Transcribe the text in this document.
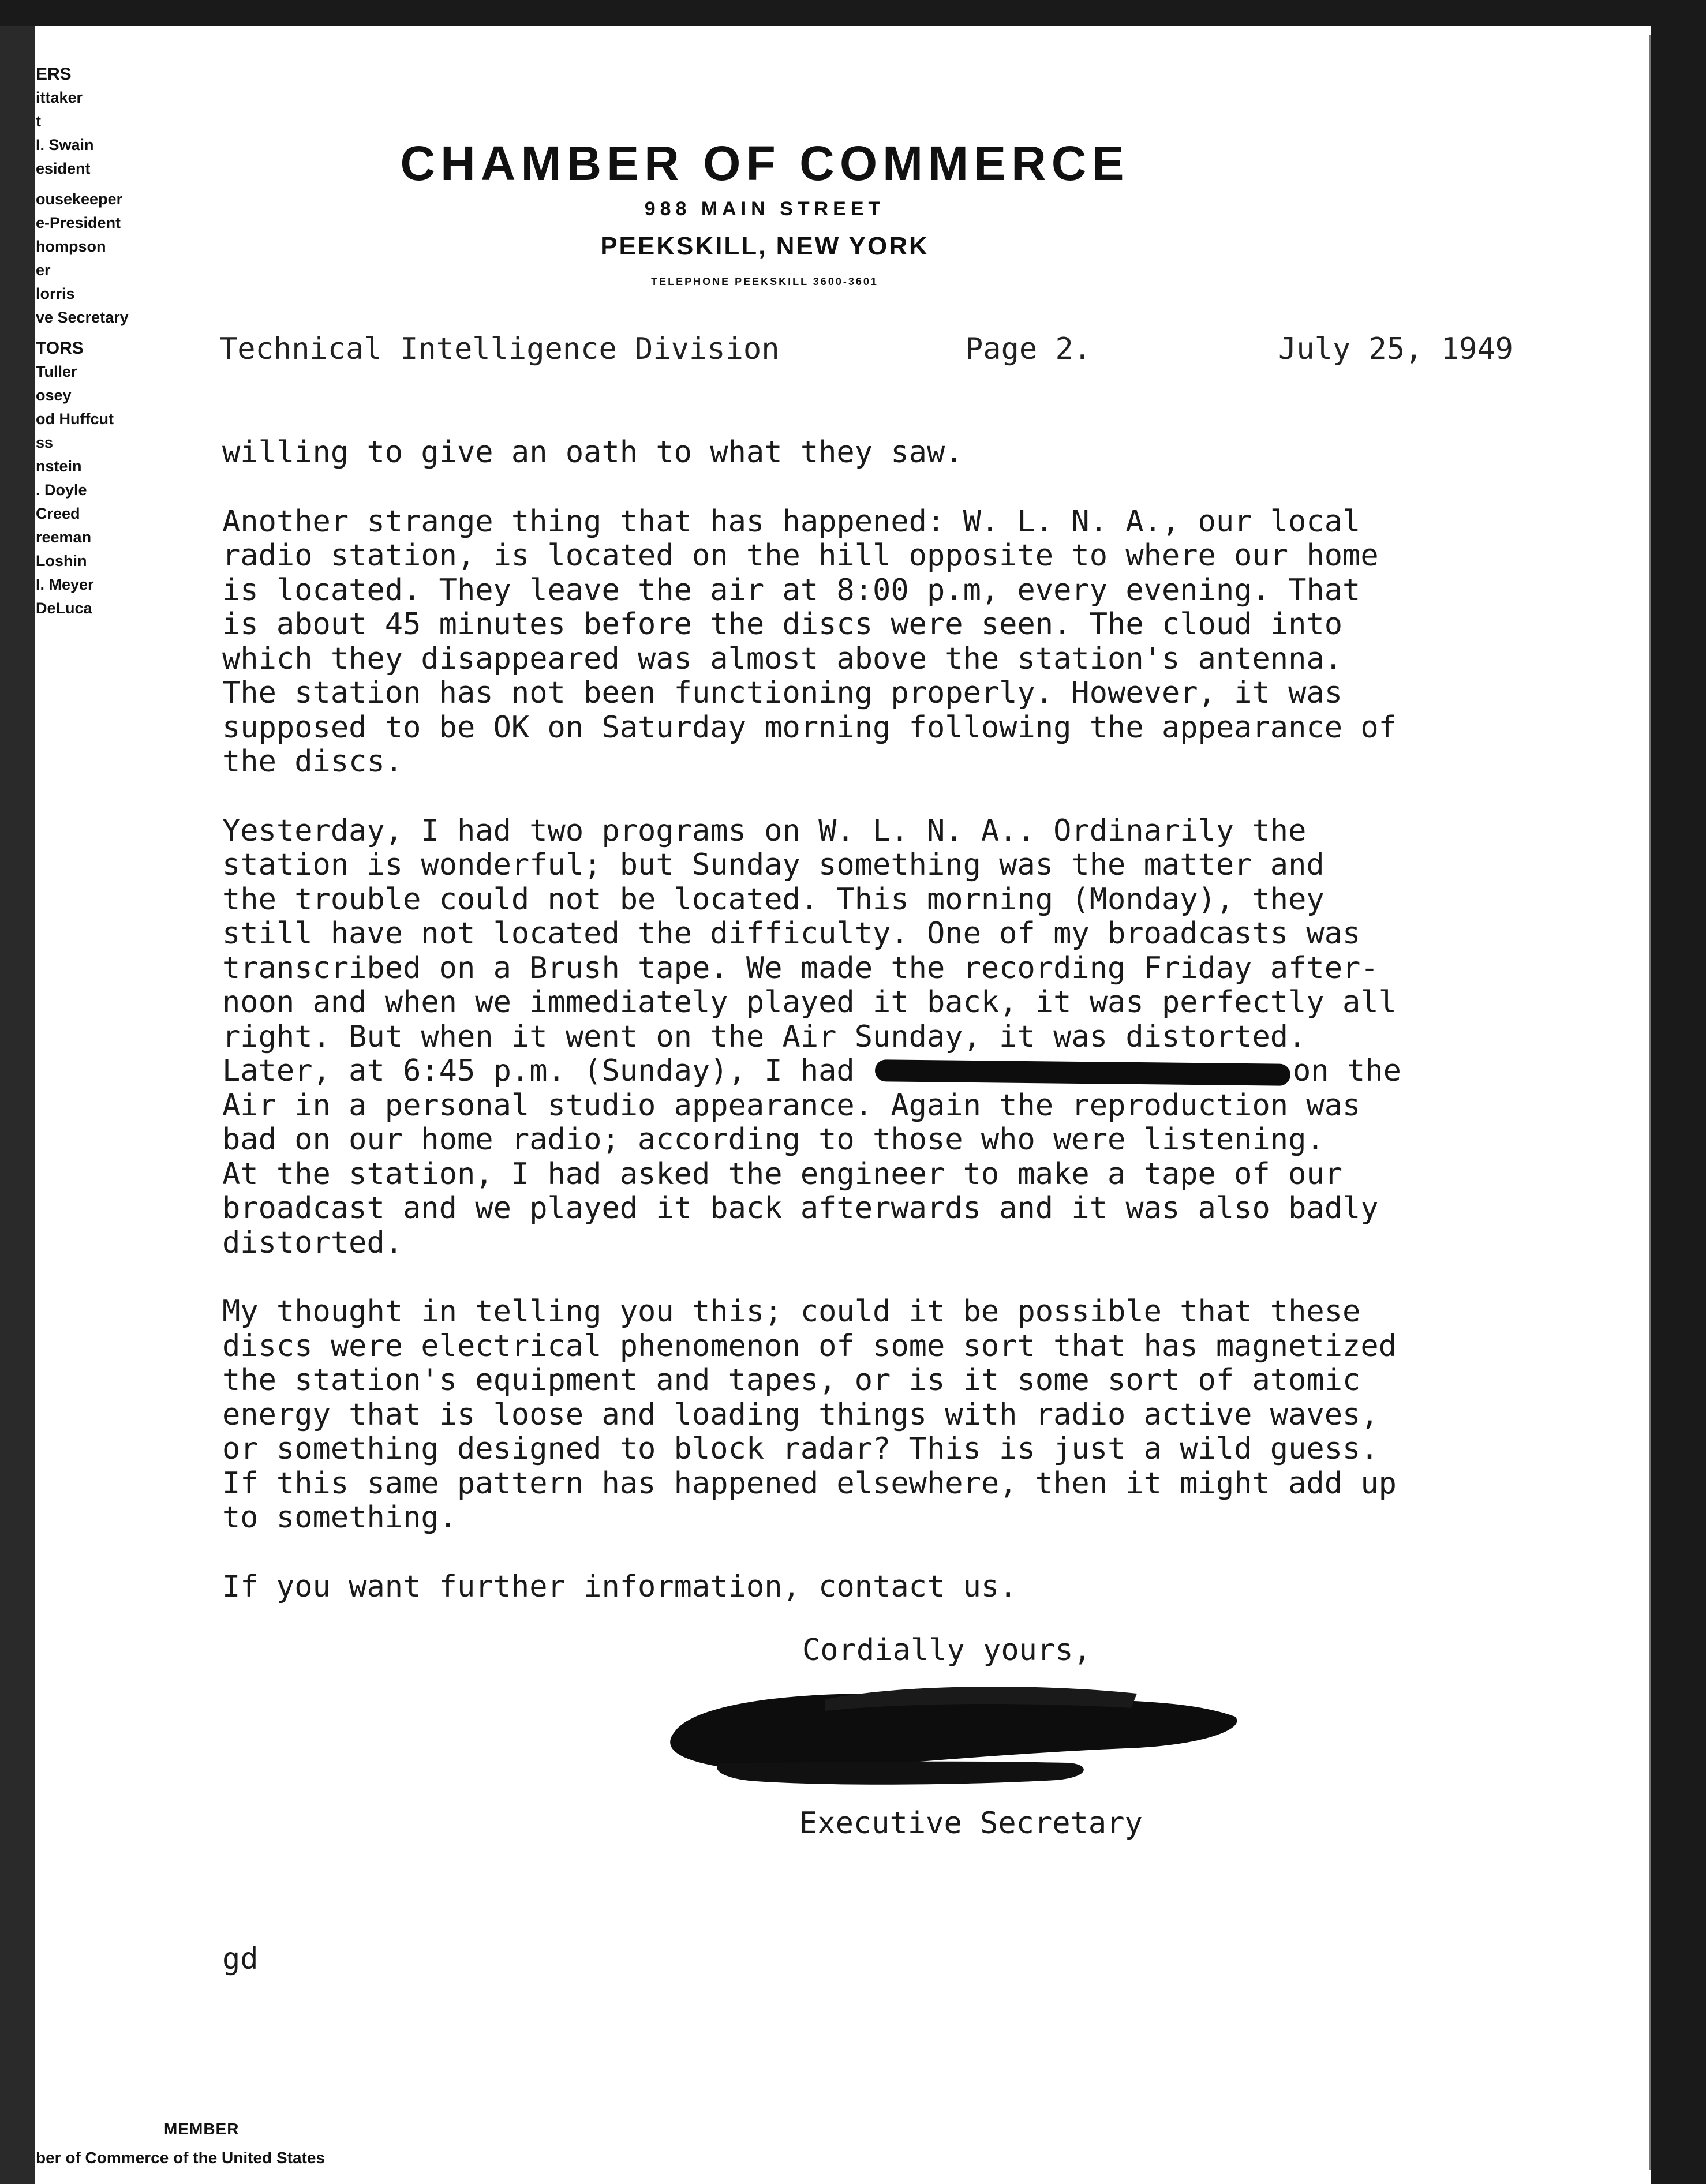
ERS
ittaker
t
I. Swain
esident
ousekeeper
e-President
hompson
er
lorris
ve Secretary
TORS
Tuller
osey
od Huffcut
ss
nstein
. Doyle
Creed
reeman
Loshin
I. Meyer
DeLuca
CHAMBER OF COMMERCE
988 MAIN STREET
PEEKSKILL, NEW YORK
TELEPHONE PEEKSKILL 3600-3601
Technical Intelligence Division	Page 2.	July 25, 1949

willing to give an oath to what they saw.

Another strange thing that has happened: W. L. N. A., our local
radio station, is located on the hill opposite to where our home
is located. They leave the air at 8:00 p.m, every evening. That
is about 45 minutes before the discs were seen. The cloud into
which they disappeared was almost above the station's antenna.
The station has not been functioning properly. However, it was
supposed to be OK on Saturday morning following the appearance of
the discs.

Yesterday, I had two programs on W. L. N. A.. Ordinarily the
station is wonderful; but Sunday something was the matter and
the trouble could not be located. This morning (Monday), they
still have not located the difficulty. One of my broadcasts was
transcribed on a Brush tape. We made the recording Friday after-
noon and when we immediately played it back, it was perfectly all
right. But when it went on the Air Sunday, it was distorted.
Later, at 6:45 p.m. (Sunday), I had	on the
Air in a personal studio appearance. Again the reproduction was
bad on our home radio; according to those who were listening.
At the station, I had asked the engineer to make a tape of our
broadcast and we played it back afterwards and it was also badly
distorted.

My thought in telling you this; could it be possible that these
discs were electrical phenomenon of some sort that has magnetized
the station's equipment and tapes, or is it some sort of atomic
energy that is loose and loading things with radio active waves,
or something designed to block radar? This is just a wild guess.
If this same pattern has happened elsewhere, then it might add up
to something.

If you want further information, contact us.

Cordially yours,
Executive Secretary
gd
MEMBER
ber of Commerce of the United States
